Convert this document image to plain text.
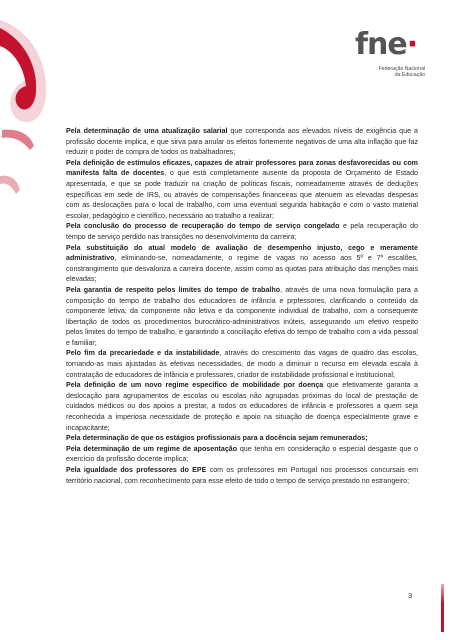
fne·
Federação Nacional
da Educação

Pela determinação de uma atualização salarial que corresponda aos elevados níveis de exigência que a profissão docente implica, e que sirva para anular os efeitos fortemente negativos de uma alta inflação que faz reduzir o poder de compra de todos os trabalhadores;

Pela definição de estímulos eficazes, capazes de atrair professores para zonas desfavorecidas ou com manifesta falta de docentes, o que está completamente ausente da proposta de Orçamento de Estado apresentada, e que se pode traduzir na criação de políticas fiscais, nomeadamente através de deduções específicas em sede de IRS, ou através de compensações financeiras que atenuem as elevadas despesas com as deslocações para o local de trabalho, com uma eventual segunda habitação e com o vasto material escolar, pedagógico e científico, necessário ao trabalho a realizar;

Pela conclusão do processo de recuperação do tempo de serviço congelado e pela recuperação do tempo de serviço perdido nas transições no desenvolvimento da carreira;

Pela substituição do atual modelo de avaliação de desempenho injusto, cego e meramente administrativo, eliminando-se, nomeadamente, o regime de vagas no acesso aos 5º e 7º escalões, constrangimento que desvaloriza a carreira docente, assim como as quotas para atribuição das menções mais elevadas;

Pela garantia de respeito pelos limites do tempo de trabalho, através de uma nova formulação para a composição do tempo de trabalho dos educadores de infância e prpfessores, clarificando o conteúdo da componente letiva, da componente não letiva e da componente individual de trabalho, com a consequente libertação de todos os procedimentos burocrático-administrativos inúteis, assegurando um efetivo respeito pelos limites do tempo de trabalho, e garantindo a conciliação efetiva do tempo de trabalho com a vida pessoal e familiar;

Pelo fim da precariedade e da instabilidade, através do crescimento das vagas de quadro das escolas, tornando-as mais ajustadas às efetivas necessidades, de modo a diminuir o recurso em elevada escala à contratação de educadores de infância e professores, criador de instabilidade profissional e institucional;

Pela definição de um novo regime específico de mobilidade por doença que efetivamente garanta a deslocação para agrupamentos de escolas ou escolas não agrupadas próximas do local de prestação de cuidados médicos ou dos apoios a prestar, a todos os educadores de infância e professores a quem seja reconhecida a imperiosa necessidade de proteção e apoio na situação de doença especialmente grave e incapacitante;

Pela determinação de que os estágios profissionais para a docência sejam remunerados;

Pela determinação de um regime de aposentação que tenha em consideração o especial desgaste que o exercício da profissão docente implica;

Pela igualdade dos professores do EPE com os professores em Portugal nos processos concursais em território nacional, com reconhecimento para esse efeito de todo o tempo de serviço prestado no estrangeiro;

3
